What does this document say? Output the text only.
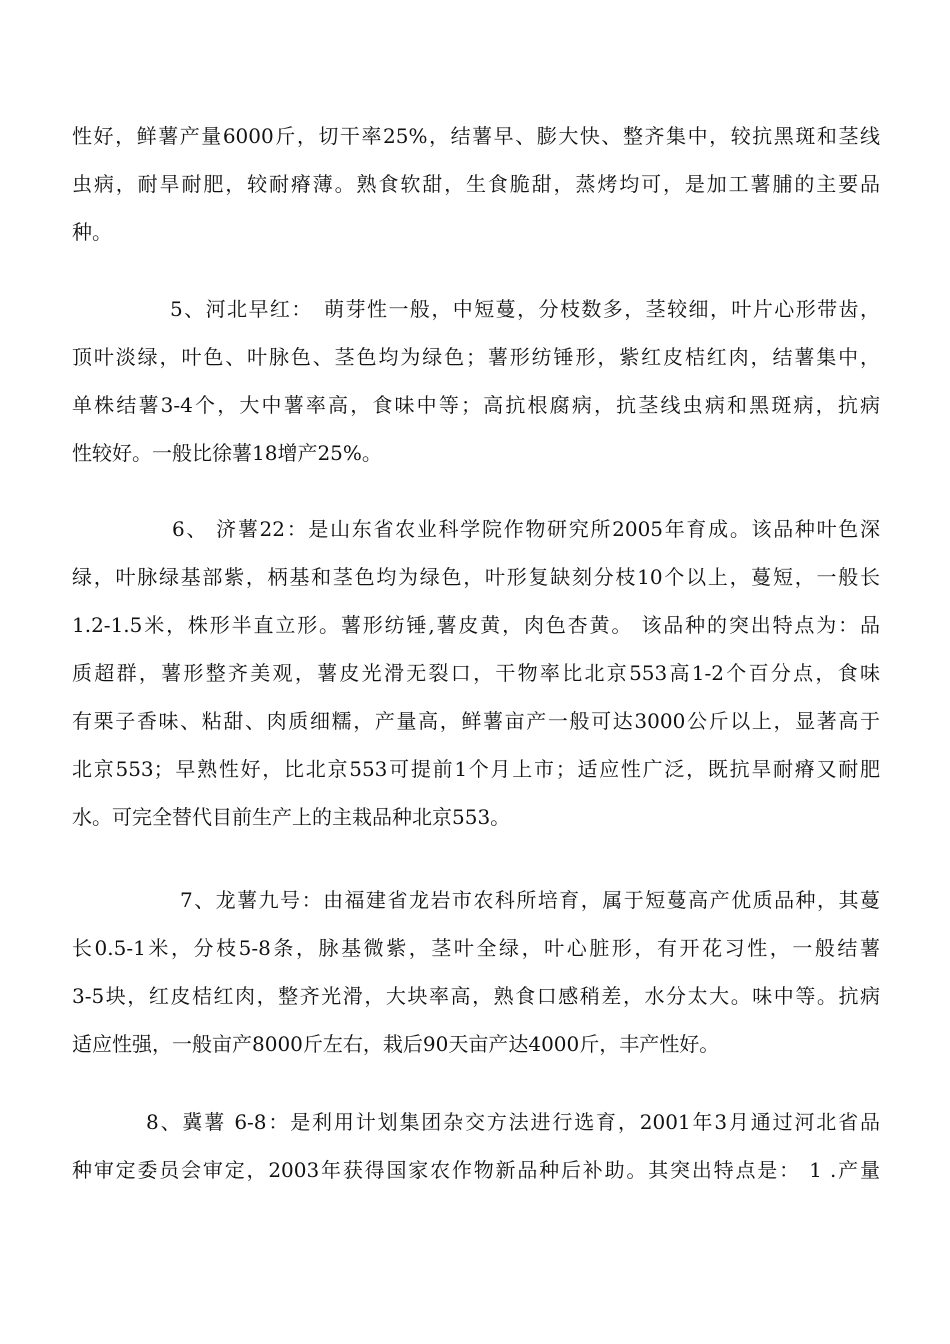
性好，鲜薯产量6000斤，切干率25%，结薯早、膨大快、整齐集中，较抗黑斑和茎线
虫病，耐旱耐肥，较耐瘠薄。熟食软甜，生食脆甜，蒸烤均可，是加工薯脯的主要品
种。
5、河北早红：　萌芽性一般，中短蔓，分枝数多，茎较细，叶片心形带齿，
顶叶淡绿，叶色、叶脉色、茎色均为绿色；薯形纺锤形，紫红皮桔红肉，结薯集中，
单株结薯3-4个，大中薯率高，食味中等；高抗根腐病，抗茎线虫病和黑斑病，抗病
性较好。一般比徐薯18增产25%。
6、 济薯22：是山东省农业科学院作物研究所2005年育成。该品种叶色深
绿，叶脉绿基部紫，柄基和茎色均为绿色，叶形复缺刻分枝10个以上，蔓短，一般长
1.2-1.5米，株形半直立形。薯形纺锤,薯皮黄，肉色杏黄。 该品种的突出特点为：品
质超群，薯形整齐美观，薯皮光滑无裂口，干物率比北京553高1-2个百分点，食味
有栗子香味、粘甜、肉质细糯，产量高，鲜薯亩产一般可达3000公斤以上，显著高于
北京553；早熟性好，比北京553可提前1个月上市；适应性广泛，既抗旱耐瘠又耐肥
水。可完全替代目前生产上的主栽品种北京553。
7、龙薯九号：由福建省龙岩市农科所培育，属于短蔓高产优质品种，其蔓
长0.5-1米，分枝5-8条，脉基微紫，茎叶全绿，叶心脏形，有开花习性，一般结薯
3-5块，红皮桔红肉，整齐光滑，大块率高，熟食口感稍差，水分太大。味中等。抗病
适应性强，一般亩产8000斤左右，栽后90天亩产达4000斤，丰产性好。
8、冀薯 6-8：是利用计划集团杂交方法进行选育，2001年3月通过河北省品
种审定委员会审定，2003年获得国家农作物新品种后补助。其突出特点是： 1 .产量
